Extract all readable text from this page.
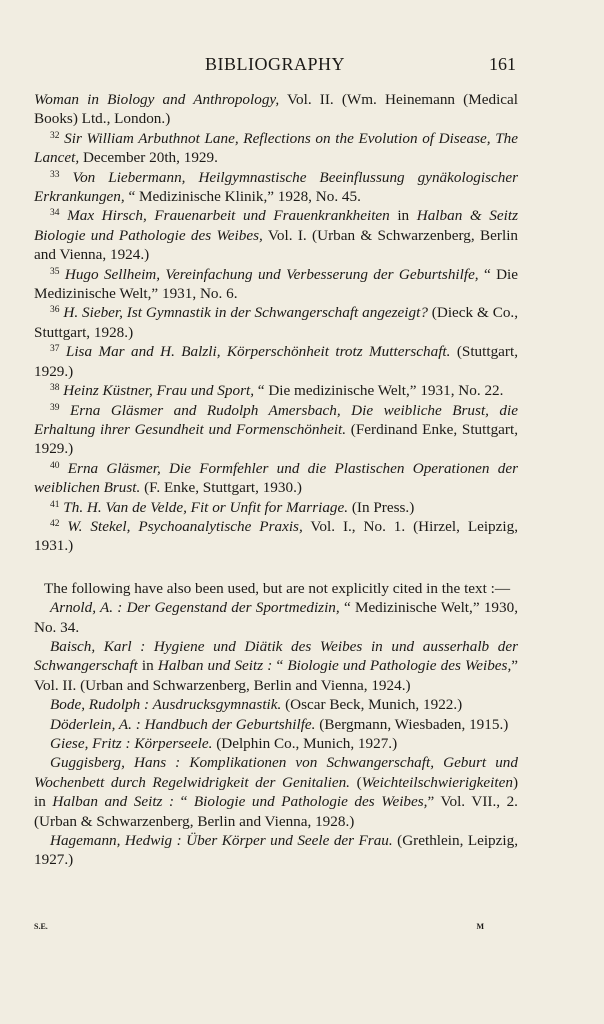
BIBLIOGRAPHY	161

Woman in Biology and Anthropology, Vol. II. (Wm. Heinemann (Medical Books) Ltd., London.)

$^{32}$ Sir William Arbuthnot Lane, Reflections on the Evolution of Disease, The Lancet, December 20th, 1929.

$^{33}$ Von Liebermann, Heilgymnastische Beeinflussung gynäkologischer Erkrankungen, “ Medizinische Klinik,” 1928, No. 45.

$^{34}$ Max Hirsch, Frauenarbeit und Frauenkrankheiten in Halban & Seitz Biologie und Pathologie des Weibes, Vol. I. (Urban & Schwarzenberg, Berlin and Vienna, 1924.)

$^{35}$ Hugo Sellheim, Vereinfachung und Verbesserung der Geburtshilfe, “ Die Medizinische Welt,” 1931, No. 6.

$^{36}$ H. Sieber, Ist Gymnastik in der Schwangerschaft angezeigt? (Dieck & Co., Stuttgart, 1928.)

$^{37}$ Lisa Mar and H. Balzli, Körperschönheit trotz Mutterschaft. (Stuttgart, 1929.)

$^{38}$ Heinz Küstner, Frau und Sport, “ Die medizinische Welt,” 1931, No. 22.

$^{39}$ Erna Gläsmer and Rudolph Amersbach, Die weibliche Brust, die Erhaltung ihrer Gesundheit und Formenschönheit. (Ferdinand Enke, Stuttgart, 1929.)

$^{40}$ Erna Gläsmer, Die Formfehler und die Plastischen Operationen der weiblichen Brust. (F. Enke, Stuttgart, 1930.)

$^{41}$ Th. H. Van de Velde, Fit or Unfit for Marriage. (In Press.)

$^{42}$ W. Stekel, Psychoanalytische Praxis, Vol. I., No. 1. (Hirzel, Leipzig, 1931.)

The following have also been used, but are not explicitly cited in the text :—

Arnold, A. : Der Gegenstand der Sportmedizin, “ Medizinische Welt,” 1930, No. 34.

Baisch, Karl : Hygiene und Diätik des Weibes in und ausserhalb der Schwangerschaft in Halban und Seitz : “ Biologie und Pathologie des Weibes,” Vol. II. (Urban and Schwarzenberg, Berlin and Vienna, 1924.)

Bode, Rudolph : Ausdrucksgymnastik. (Oscar Beck, Munich, 1922.)

Döderlein, A. : Handbuch der Geburtshilfe. (Bergmann, Wiesbaden, 1915.)

Giese, Fritz : Körperseele. (Delphin Co., Munich, 1927.)

Guggisberg, Hans : Komplikationen von Schwangerschaft, Geburt und Wochenbett durch Regelwidrigkeit der Genitalien. (Weichteilschwierigkeiten) in Halban and Seitz : “ Biologie und Pathologie des Weibes,” Vol. VII., 2. (Urban & Schwarzenberg, Berlin and Vienna, 1928.)

Hagemann, Hedwig : Über Körper und Seele der Frau. (Grethlein, Leipzig, 1927.)

S.E.	M
